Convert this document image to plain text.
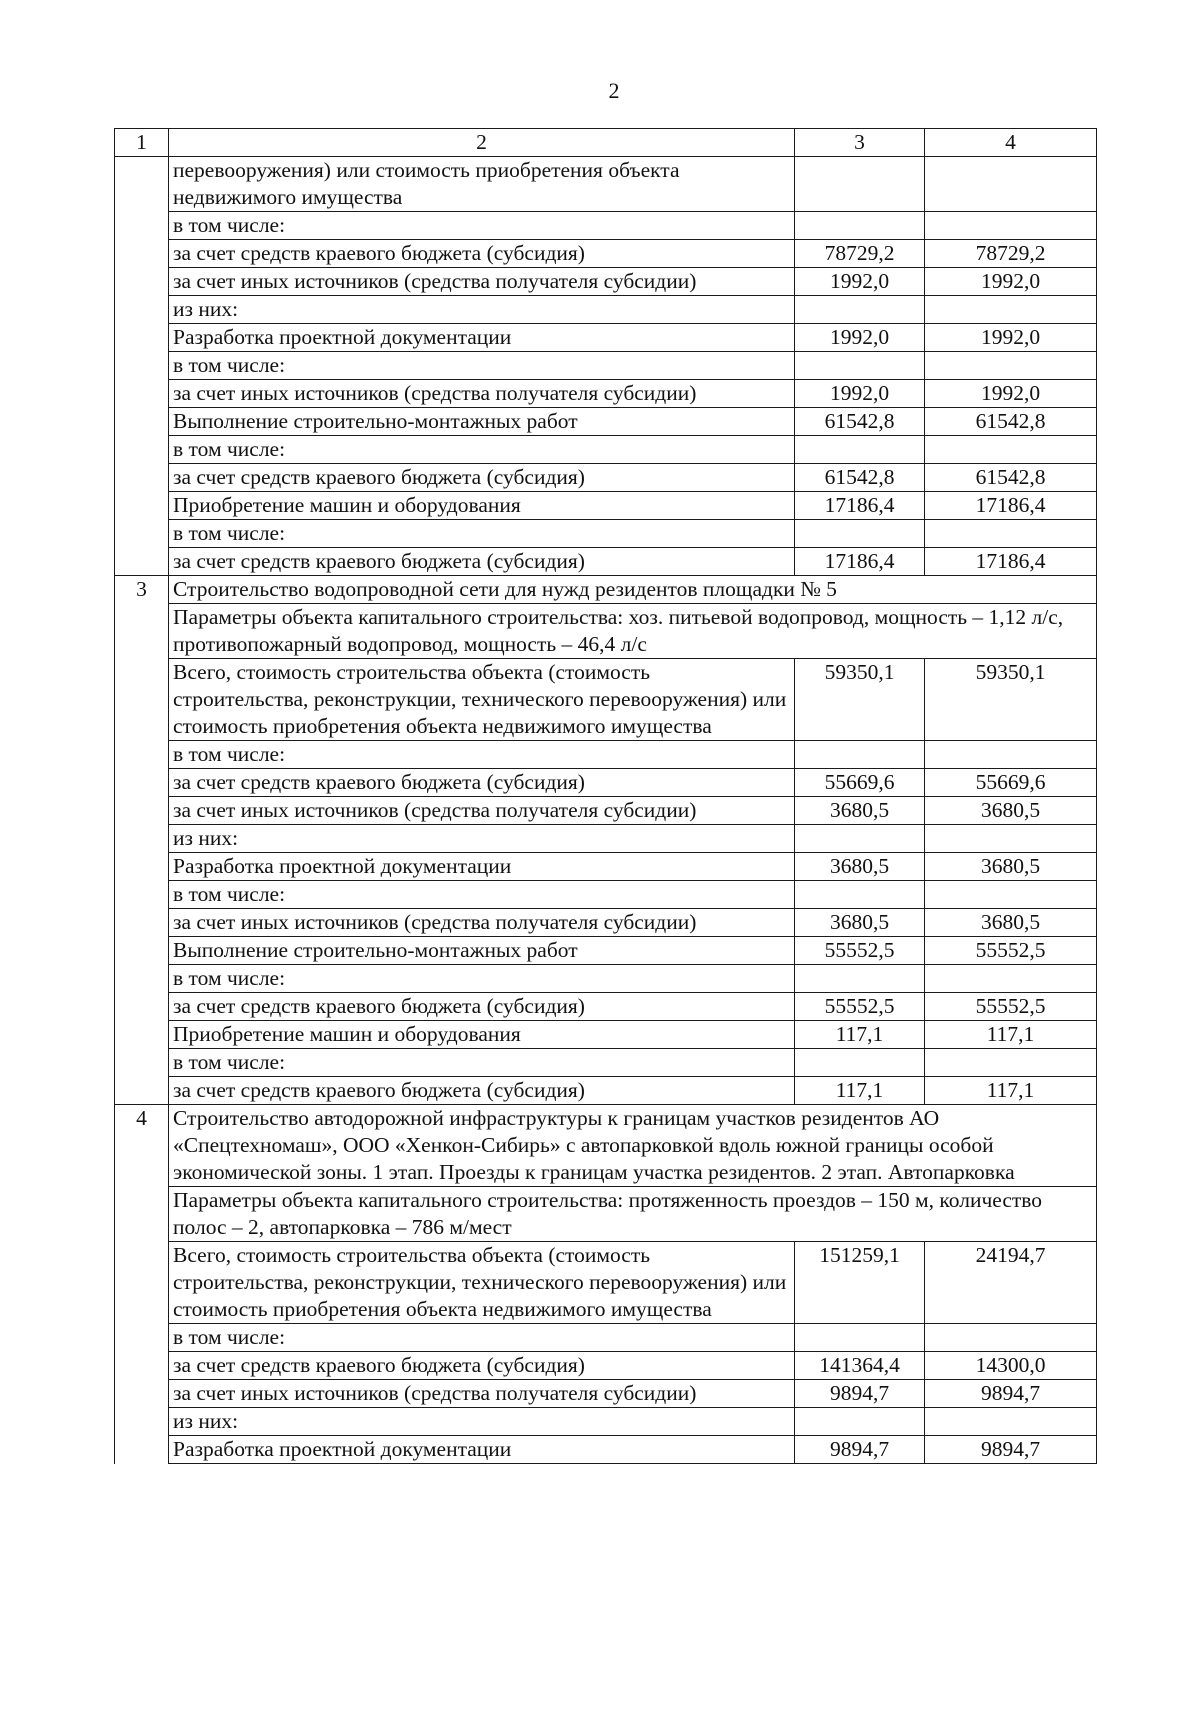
2
1	2	3	4
	перевооружения) или стоимость приобретения объекта недвижимого имущества		
	в том числе:		
	за счет средств краевого бюджета (субсидия)	78729,2	78729,2
	за счет иных источников (средства получателя субсидии)	1992,0	1992,0
	из них:		
	Разработка проектной документации	1992,0	1992,0
	в том числе:		
	за счет иных источников (средства получателя субсидии)	1992,0	1992,0
	Выполнение строительно-монтажных работ	61542,8	61542,8
	в том числе:		
	за счет средств краевого бюджета (субсидия)	61542,8	61542,8
	Приобретение машин и оборудования	17186,4	17186,4
	в том числе:		
	за счет средств краевого бюджета (субсидия)	17186,4	17186,4
3	Строительство водопроводной сети для нужд резидентов площадки № 5		
	Параметры объекта капитального строительства: хоз. питьевой водопровод, мощность – 1,12 л/с, противопожарный водопровод, мощность – 46,4 л/с		
	Всего, стоимость строительства объекта (стоимость строительства, реконструкции, технического перевооружения) или стоимость приобретения объекта недвижимого имущества	59350,1	59350,1
	в том числе:		
	за счет средств краевого бюджета (субсидия)	55669,6	55669,6
	за счет иных источников (средства получателя субсидии)	3680,5	3680,5
	из них:		
	Разработка проектной документации	3680,5	3680,5
	в том числе:		
	за счет иных источников (средства получателя субсидии)	3680,5	3680,5
	Выполнение строительно-монтажных работ	55552,5	55552,5
	в том числе:		
	за счет средств краевого бюджета (субсидия)	55552,5	55552,5
	Приобретение машин и оборудования	117,1	117,1
	в том числе:		
	за счет средств краевого бюджета (субсидия)	117,1	117,1
4	Строительство автодорожной инфраструктуры к границам участков резидентов АО «Спецтехномаш», ООО «Хенкон-Сибирь» с автопарковкой вдоль южной границы особой экономической зоны. 1 этап. Проезды к границам участка резидентов. 2 этап. Автопарковка		
	Параметры объекта капитального строительства: протяженность проездов – 150 м, количество полос – 2, автопарковка – 786 м/мест		
	Всего, стоимость строительства объекта (стоимость строительства, реконструкции, технического перевооружения) или стоимость приобретения объекта недвижимого имущества	151259,1	24194,7
	в том числе:		
	за счет средств краевого бюджета (субсидия)	141364,4	14300,0
	за счет иных источников (средства получателя субсидии)	9894,7	9894,7
	из них:		
	Разработка проектной документации	9894,7	9894,7
